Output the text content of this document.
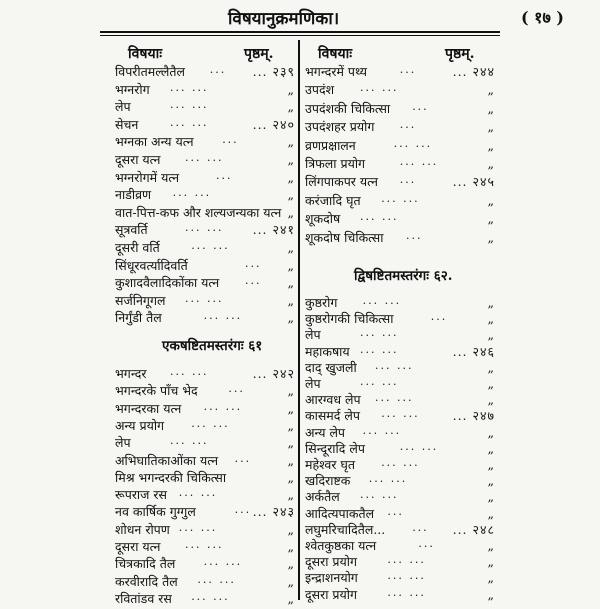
विषयानुक्रमणिका।	( १७ )
विषयाः	पृष्ठम्.
विपरीतमल्लैतैल	... २३९
...
भग्नरोग	„
... ...
लेप	„
... ...
सेचन	... २४०
... ...
भग्नका अन्य यत्न	„
...
दूसरा यत्न	„
... ...
भग्नरोगमें यत्न	„
...
नाडीव्रण	„
... ...
वात-पित्त-कफ और शल्यजन्यका यत्न „
सूत्रवर्ति	... २४१
... ...
दूसरी वर्ति	„
... ...
सिंधूरवर्त्यादिवर्ति	„
...
कुशादवैलादिकोंका यत्न	„
...
सर्जनिगूगल	„
... ...
निर्गुंडी तैल	„
... ...
एकषष्टितमस्तरंगः ६१
भगन्दर	... २४२
... ...
भगन्दरके पाँच भेद	„
...
भगन्दरका यत्न	„
... ...
अन्य प्रयोग	„
... ...
लेप	„
... ...
अभिघातिकाओंका यत्न	„
...
मिश्र भगन्दरकी चिकित्सा	„
रूपराज रस	„
... ...
नव कार्षिक गुग्गुल	... २४३
...
शोधन रोपण	„
... ...
दूसरा यत्न	„
... ...
चित्रकादि तैल	„
... ...
करवीरादि तैल	„
... ...
रवितांडव रस	„
... ...
विषयाः	पृष्ठम्.
भगन्दरमें पथ्य	... २४४
...
उपदंश	„
... ...
उपदंशकी चिकित्सा	„
...
उपदंशहर प्रयोग	„
...
व्रणप्रक्षालन	„
... ...
त्रिफला प्रयोग	„
... ...
लिंगपाकपर यत्न	... २४५
...
करंजादि घृत	„
... ...
शूकदोष	„
... ...
शूकदोष चिकित्सा	„
...
द्विषष्टितमस्तरंगः ६२.
कुष्ठरोग	„
... ...
कुष्ठरोगकी चिकित्सा	„
...
लेप	„
... ...
महाकषाय	... २४६
... ...
दाद् खुजली	„
... ...
लेप	„
... ...
आरग्वध लेप	„
... ...
कासमर्द लेप	... २४७
... ...
अन्य लेप	„
... ...
सिन्दूरादि लेप	„
... ...
महेश्वर घृत	„
... ...
खदिराष्टक	„
... ...
अर्कतैल	„
... ...
आदित्यपाकतैल	„
...
लघुमरिचादितैल...	... २४८
...
श्वेतकुष्ठका यत्न	„
...
दूसरा प्रयोग	„
... ...
इन्द्राशनयोग	„
... ...
दूसरा प्रयोग	„
... ...
